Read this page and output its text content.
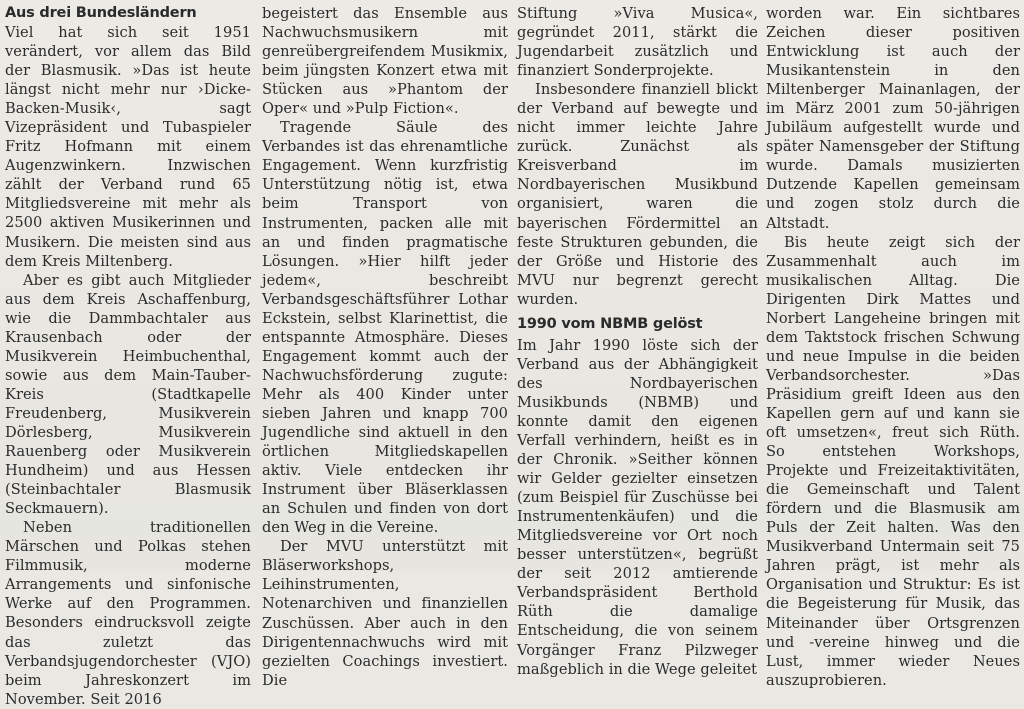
Aus drei Bundesländern

Viel hat sich seit 1951 verändert, vor allem das Bild der Blasmusik. »Das ist heute längst nicht mehr nur ›Dicke-Backen-Musik‹, sagt Vizepräsident und Tubaspieler Fritz Hofmann mit einem Augenzwinkern. Inzwischen zählt der Verband rund 65 Mitgliedsvereine mit mehr als 2500 aktiven Musikerinnen und Musikern. Die meisten sind aus dem Kreis Miltenberg.

Aber es gibt auch Mitglieder aus dem Kreis Aschaffenburg, wie die Dammbachtaler aus Krausenbach oder der Musikverein Heimbuchenthal, sowie aus dem Main-Tauber-Kreis (Stadtkapelle Freudenberg, Musikverein Dörlesberg, Musikverein Rauenberg oder Musikverein Hundheim) und aus Hessen (Steinbachtaler Blasmusik Seckmauern).

Neben traditionellen Märschen und Polkas stehen Filmmusik, moderne Arrangements und sinfonische Werke auf den Programmen. Besonders eindrucksvoll zeigte das zuletzt das Verbandsjugendorchester (VJO) beim Jahreskonzert im November. Seit 2016

begeistert das Ensemble aus Nachwuchsmusikern mit genreübergreifendem Musikmix, beim jüngsten Konzert etwa mit Stücken aus »Phantom der Oper« und »Pulp Fiction«.

Tragende Säule des Verbandes ist das ehrenamtliche Engagement. Wenn kurzfristig Unterstützung nötig ist, etwa beim Transport von Instrumenten, packen alle mit an und finden pragmatische Lösungen. »Hier hilft jeder jedem«, beschreibt Verbandsgeschäftsführer Lothar Eckstein, selbst Klarinettist, die entspannte Atmosphäre. Dieses Engagement kommt auch der Nachwuchsförderung zugute: Mehr als 400 Kinder unter sieben Jahren und knapp 700 Jugendliche sind aktuell in den örtlichen Mitgliedskapellen aktiv. Viele entdecken ihr Instrument über Bläserklassen an Schulen und finden von dort den Weg in die Vereine.

Der MVU unterstützt mit Bläserworkshops, Leihinstrumenten, Notenarchiven und finanziellen Zuschüssen. Aber auch in den Dirigentennachwuchs wird mit gezielten Coachings investiert. Die

Stiftung »Viva Musica«, gegründet 2011, stärkt die Jugendarbeit zusätzlich und finanziert Sonderprojekte.

Insbesondere finanziell blickt der Verband auf bewegte und nicht immer leichte Jahre zurück. Zunächst als Kreisverband im Nordbayerischen Musikbund organisiert, waren die bayerischen Fördermittel an feste Strukturen gebunden, die der Größe und Historie des MVU nur begrenzt gerecht wurden.

1990 vom NBMB gelöst

Im Jahr 1990 löste sich der Verband aus der Abhängigkeit des Nordbayerischen Musikbunds (NBMB) und konnte damit den eigenen Verfall verhindern, heißt es in der Chronik. »Seither können wir Gelder gezielter einsetzen (zum Beispiel für Zuschüsse bei Instrumentenkäufen) und die Mitgliedsvereine vor Ort noch besser unterstützen«, begrüßt der seit 2012 amtierende Verbandspräsident Berthold Rüth die damalige Entscheidung, die von seinem Vorgänger Franz Pilzweger maßgeblich in die Wege geleitet

worden war. Ein sichtbares Zeichen dieser positiven Entwicklung ist auch der Musikantenstein in den Miltenberger Mainanlagen, der im März 2001 zum 50-jährigen Jubiläum aufgestellt wurde und später Namensgeber der Stiftung wurde. Damals musizierten Dutzende Kapellen gemeinsam und zogen stolz durch die Altstadt.

Bis heute zeigt sich der Zusammenhalt auch im musikalischen Alltag. Die Dirigenten Dirk Mattes und Norbert Langeheine bringen mit dem Taktstock frischen Schwung und neue Impulse in die beiden Verbandsorchester. »Das Präsidium greift Ideen aus den Kapellen gern auf und kann sie oft umsetzen«, freut sich Rüth. So entstehen Workshops, Projekte und Freizeitaktivitäten, die Gemeinschaft und Talent fördern und die Blasmusik am Puls der Zeit halten. Was den Musikverband Untermain seit 75 Jahren prägt, ist mehr als Organisation und Struktur: Es ist die Begeisterung für Musik, das Miteinander über Ortsgrenzen und -vereine hinweg und die Lust, immer wieder Neues auszuprobieren.
